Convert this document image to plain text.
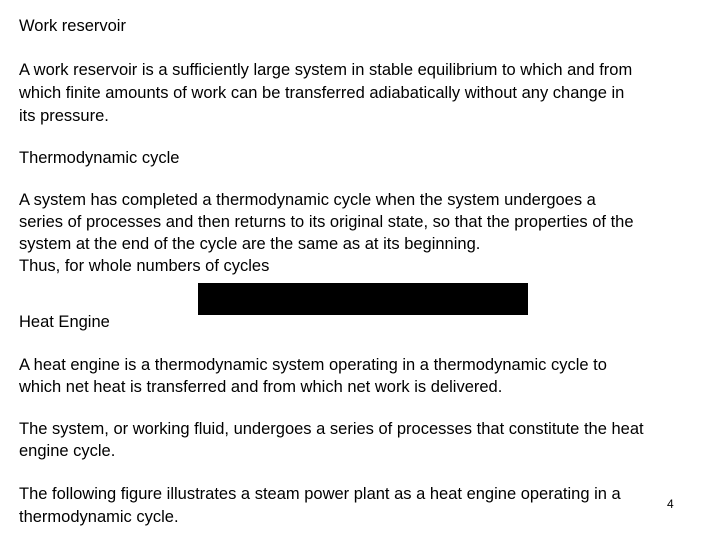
Work reservoir

A work reservoir is a sufficiently large system in stable equilibrium to which and from

which finite amounts of work can be transferred adiabatically without any change in

its pressure.

Thermodynamic cycle

A system has completed a thermodynamic cycle when the system undergoes a

series of processes and then returns to its original state, so that the properties of the

system at the end of the cycle are the same as at its beginning.

Thus, for whole numbers of cycles

Heat Engine

A heat engine is a thermodynamic system operating in a thermodynamic cycle to

which net heat is transferred and from which net work is delivered.

The system, or working fluid, undergoes a series of processes that constitute the heat

engine cycle.

The following figure illustrates a steam power plant as a heat engine operating in a

thermodynamic cycle.

4
